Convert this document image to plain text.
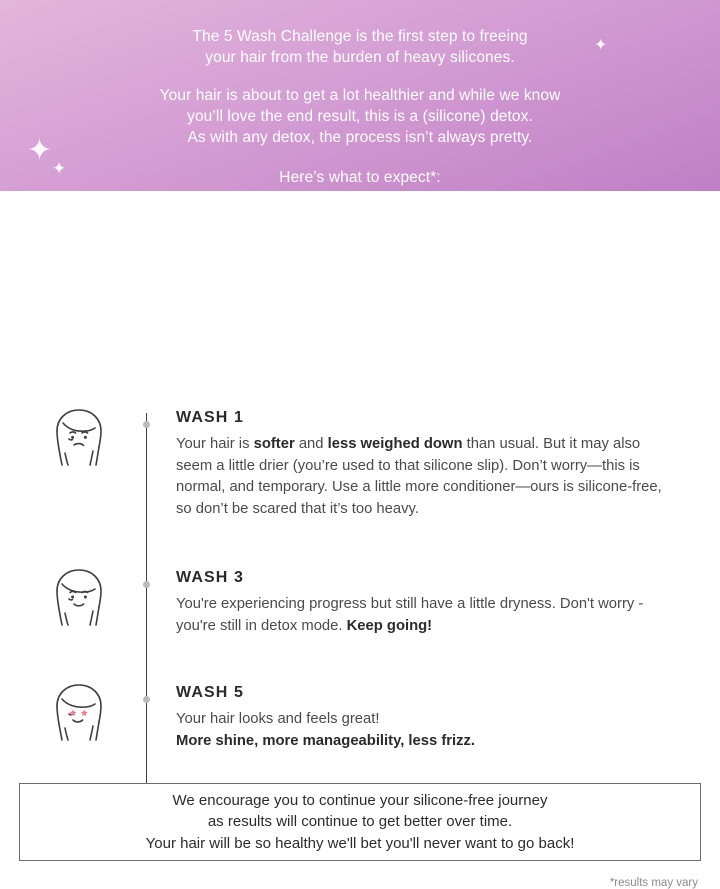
The 5 Wash Challenge is the first step to freeing
your hair from the burden of heavy silicones.
Your hair is about to get a lot healthier and while we know
you’ll love the end result, this is a (silicone) detox.
As with any detox, the process isn’t always pretty.
Here’s what to expect*:
✦
✦
✦
WASH 1
Your hair is softer and less weighed down than usual. But it may also seem a little drier (you’re used to that silicone slip). Don’t worry—this is normal, and temporary. Use a little more conditioner—ours is silicone-free, so don’t be scared that it’s too heavy.
WASH 3
You're experiencing progress but still have a little dryness. Don't worry - you're still in detox mode. Keep going!
WASH 5
Your hair looks and feels great!
More shine, more manageability, less frizz.
We encourage you to continue your silicone-free journey
as results will continue to get better over time.
Your hair will be so healthy we'll bet you'll never want to go back!
*results may vary
